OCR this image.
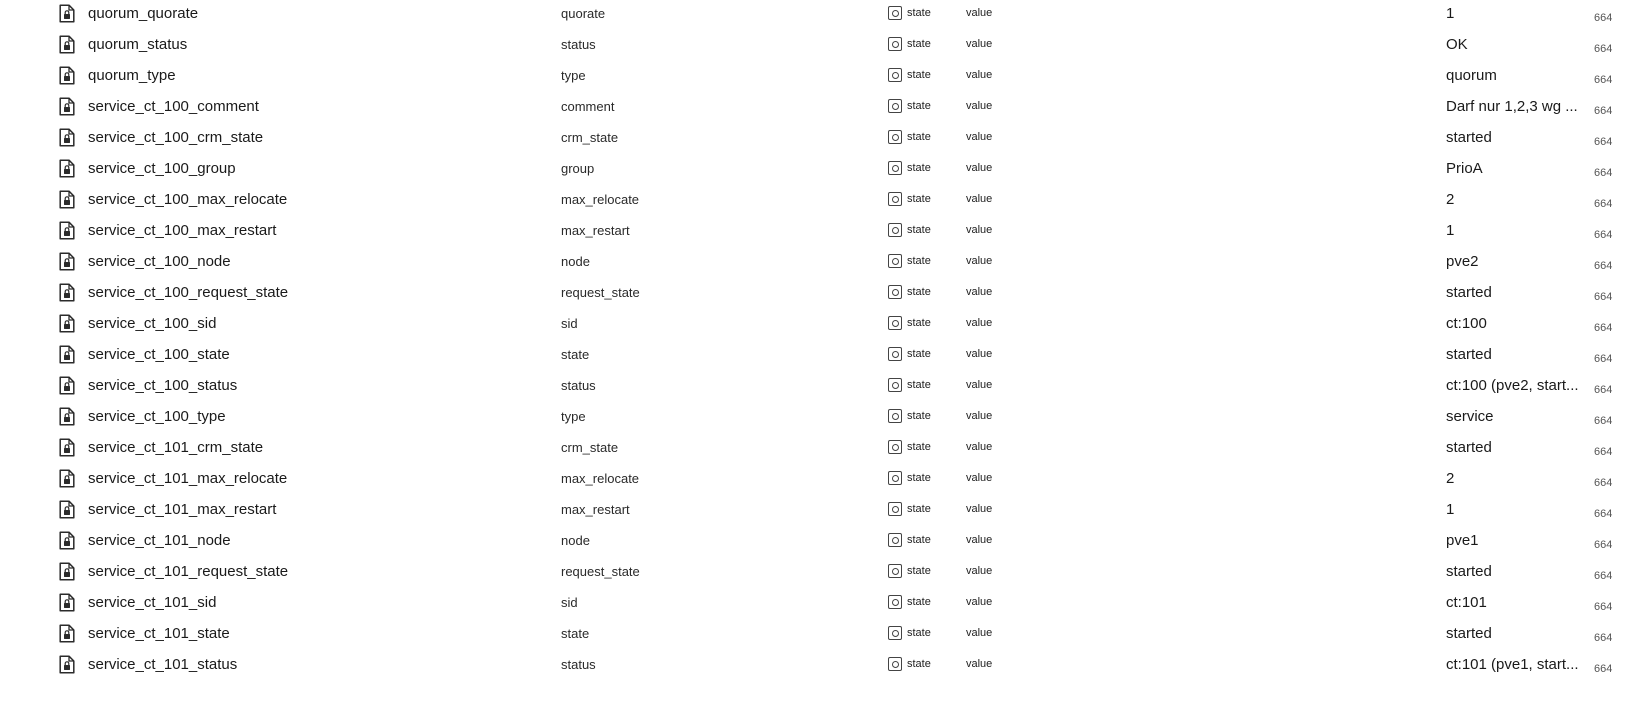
quorum_quorate	quorate	state	value	1	664
quorum_status	status	state	value	OK	664
quorum_type	type	state	value	quorum	664
service_ct_100_comment	comment	state	value	Darf nur 1,2,3 wg ...	664
service_ct_100_crm_state	crm_state	state	value	started	664
service_ct_100_group	group	state	value	PrioA	664
service_ct_100_max_relocate	max_relocate	state	value	2	664
service_ct_100_max_restart	max_restart	state	value	1	664
service_ct_100_node	node	state	value	pve2	664
service_ct_100_request_state	request_state	state	value	started	664
service_ct_100_sid	sid	state	value	ct:100	664
service_ct_100_state	state	state	value	started	664
service_ct_100_status	status	state	value	ct:100 (pve2, start...	664
service_ct_100_type	type	state	value	service	664
service_ct_101_crm_state	crm_state	state	value	started	664
service_ct_101_max_relocate	max_relocate	state	value	2	664
service_ct_101_max_restart	max_restart	state	value	1	664
service_ct_101_node	node	state	value	pve1	664
service_ct_101_request_state	request_state	state	value	started	664
service_ct_101_sid	sid	state	value	ct:101	664
service_ct_101_state	state	state	value	started	664
service_ct_101_status	status	state	value	ct:101 (pve1, start...	664
